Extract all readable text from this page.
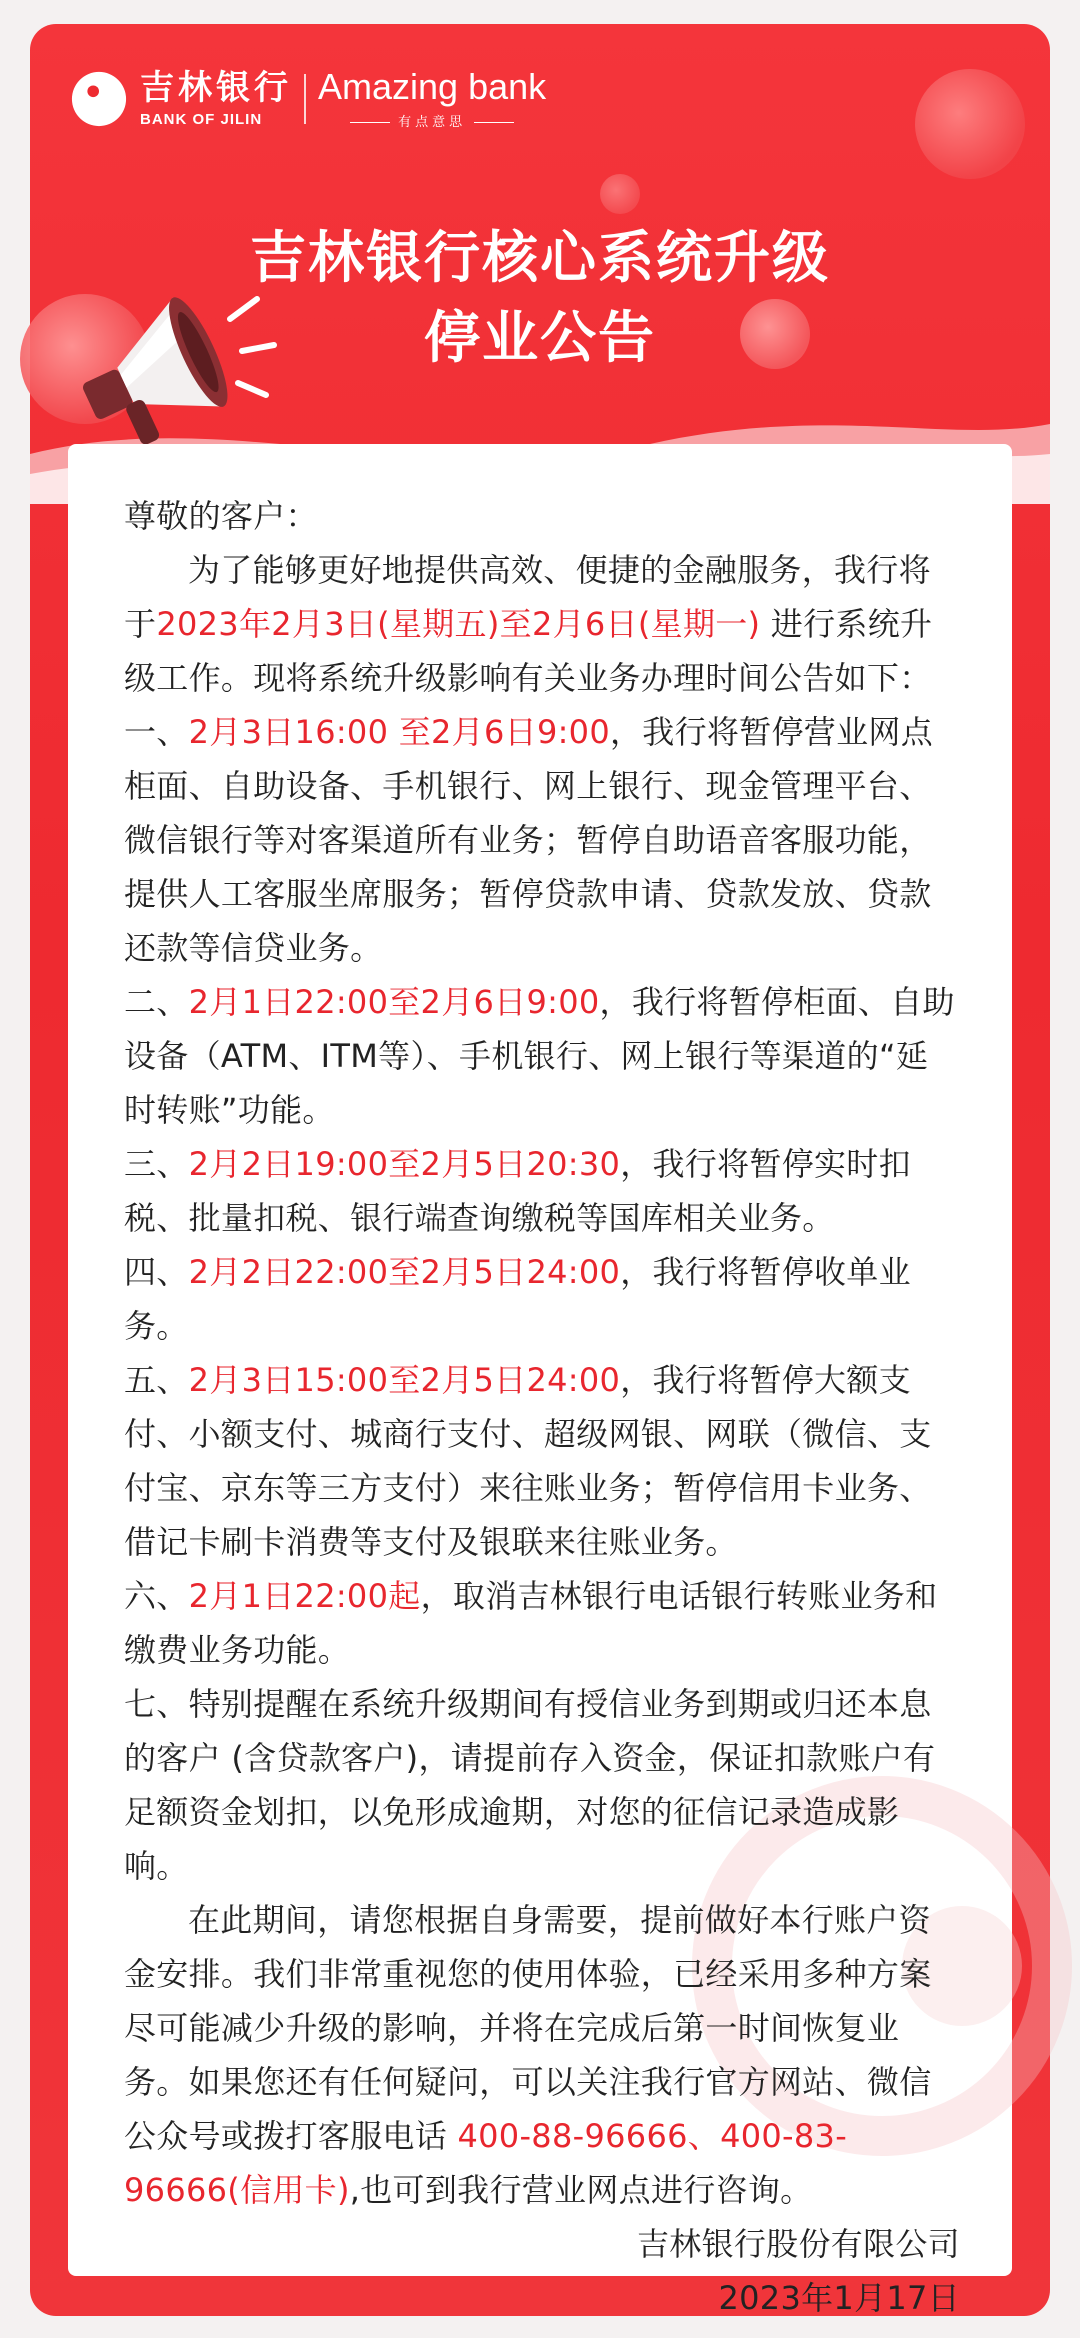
吉林银行
BANK OF JILIN
Amazing bank
有点意思
吉林银行核心系统升级
停业公告

尊敬的客户：

为了能够更好地提供高效、便捷的金融服务，我行将于2023年2月3日(星期五)至2月6日(星期一) 进行系统升级工作。现将系统升级影响有关业务办理时间公告如下：

一、2月3日16:00 至2月6日9:00，我行将暂停营业网点柜面、自助设备、手机银行、网上银行、现金管理平台、微信银行等对客渠道所有业务；暂停自助语音客服功能，提供人工客服坐席服务；暂停贷款申请、贷款发放、贷款还款等信贷业务。

二、2月1日22:00至2月6日9:00，我行将暂停柜面、自助设备（ATM、ITM等）、手机银行、网上银行等渠道的“延时转账”功能。

三、2月2日19:00至2月5日20:30，我行将暂停实时扣税、批量扣税、银行端查询缴税等国库相关业务。

四、2月2日22:00至2月5日24:00，我行将暂停收单业务。

五、2月3日15:00至2月5日24:00，我行将暂停大额支付、小额支付、城商行支付、超级网银、网联（微信、支付宝、京东等三方支付）来往账业务；暂停信用卡业务、借记卡刷卡消费等支付及银联来往账业务。

六、2月1日22:00起，取消吉林银行电话银行转账业务和缴费业务功能。

七、特别提醒在系统升级期间有授信业务到期或归还本息的客户 (含贷款客户)，请提前存入资金，保证扣款账户有足额资金划扣，以免形成逾期，对您的征信记录造成影响。

在此期间，请您根据自身需要，提前做好本行账户资金安排。我们非常重视您的使用体验，已经采用多种方案尽可能减少升级的影响，并将在完成后第一时间恢复业务。如果您还有任何疑问，可以关注我行官方网站、微信公众号或拨打客服电话 400-88-96666、400-83-96666(信用卡),也可到我行营业网点进行咨询。

吉林银行股份有限公司

2023年1月17日
